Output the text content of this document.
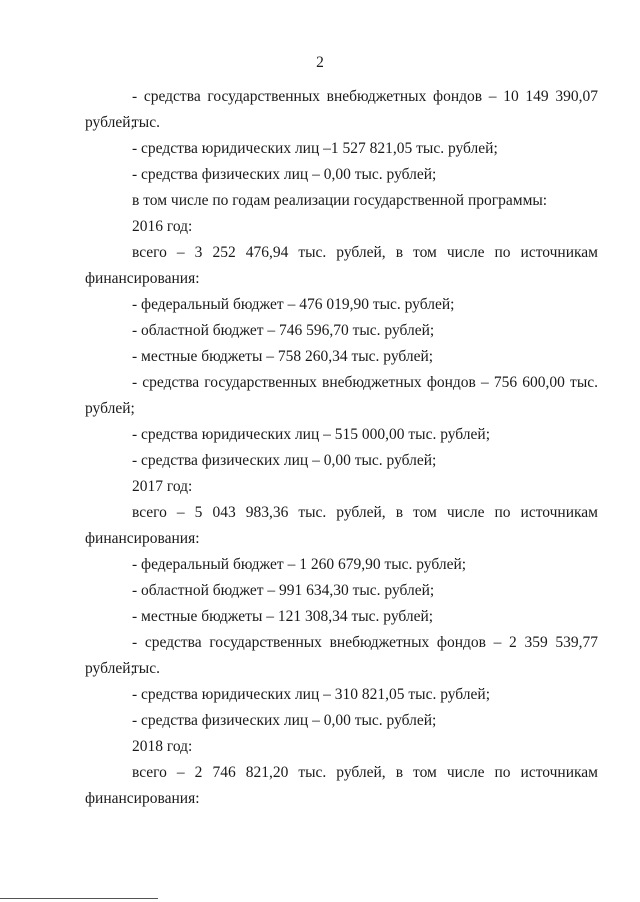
2
- средства государственных внебюджетных фондов – 10 149 390,07 тыс.
рублей;
- средства юридических лиц –1 527 821,05 тыс. рублей;
- средства физических лиц – 0,00 тыс. рублей;
в том числе по годам реализации государственной программы:
2016 год:
всего – 3 252 476,94 тыс. рублей, в том числе по источникам
финансирования:
- федеральный бюджет – 476 019,90 тыс. рублей;
- областной бюджет – 746 596,70 тыс. рублей;
- местные бюджеты – 758 260,34 тыс. рублей;
- средства государственных внебюджетных фондов – 756 600,00 тыс.
рублей;
- средства юридических лиц – 515 000,00 тыс. рублей;
- средства физических лиц – 0,00 тыс. рублей;
2017 год:
всего – 5 043 983,36 тыс. рублей, в том числе по источникам
финансирования:
- федеральный бюджет – 1 260 679,90 тыс. рублей;
- областной бюджет – 991 634,30 тыс. рублей;
- местные бюджеты – 121 308,34 тыс. рублей;
- средства государственных внебюджетных фондов – 2 359 539,77 тыс.
рублей;
- средства юридических лиц – 310 821,05 тыс. рублей;
- средства физических лиц – 0,00 тыс. рублей;
2018 год:
всего – 2 746 821,20 тыс. рублей, в том числе по источникам
финансирования:
